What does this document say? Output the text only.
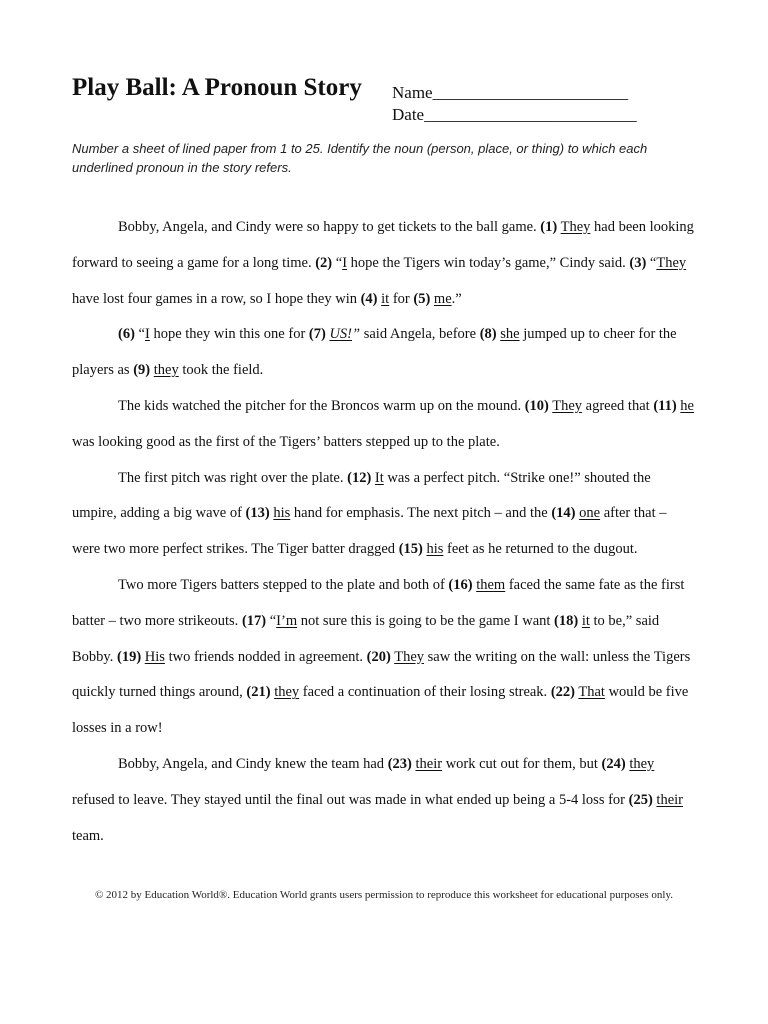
Play Ball: A Pronoun Story Name_______________________
Date_________________________
Number a sheet of lined paper from 1 to 25. Identify the noun (person, place, or thing) to which each underlined pronoun in the story refers.

Bobby, Angela, and Cindy were so happy to get tickets to the ball game. (1) They had been looking forward to seeing a game for a long time. (2) “I hope the Tigers win today’s game,” Cindy said. (3) “They have lost four games in a row, so I hope they win (4) it for (5) me.”

(6) “I hope they win this one for (7) US!” said Angela, before (8) she jumped up to cheer for the players as (9) they took the field.

The kids watched the pitcher for the Broncos warm up on the mound. (10) They agreed that (11) he was looking good as the first of the Tigers’ batters stepped up to the plate.

The first pitch was right over the plate. (12) It was a perfect pitch. “Strike one!” shouted the umpire, adding a big wave of (13) his hand for emphasis. The next pitch – and the (14) one after that – were two more perfect strikes. The Tiger batter dragged (15) his feet as he returned to the dugout.

Two more Tigers batters stepped to the plate and both of (16) them faced the same fate as the first batter – two more strikeouts. (17) “I’m not sure this is going to be the game I want (18) it to be,” said Bobby. (19) His two friends nodded in agreement. (20) They saw the writing on the wall: unless the Tigers quickly turned things around, (21) they faced a continuation of their losing streak. (22) That would be five losses in a row!

Bobby, Angela, and Cindy knew the team had (23) their work cut out for them, but (24) they refused to leave. They stayed until the final out was made in what ended up being a 5-4 loss for (25) their team.

© 2012 by Education World®. Education World grants users permission to reproduce this worksheet for educational purposes only.
